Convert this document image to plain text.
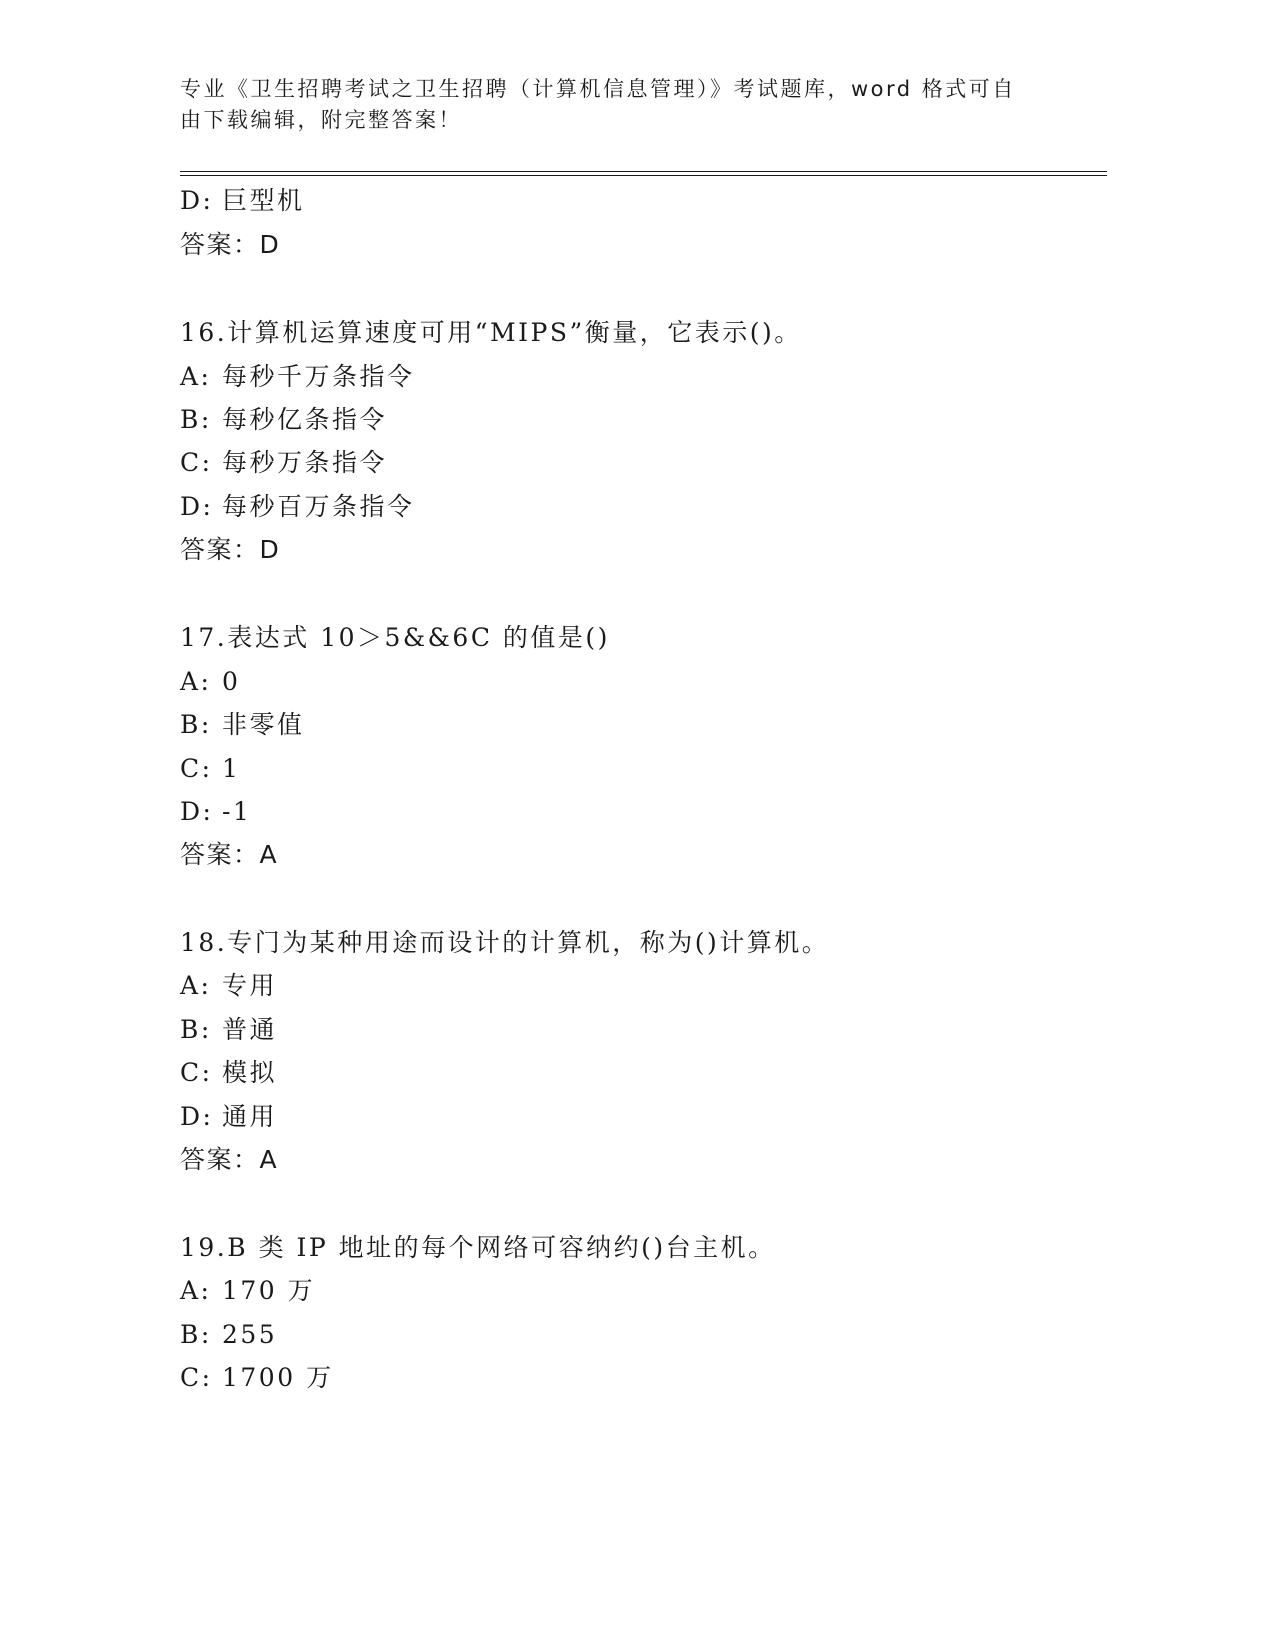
专业《卫生招聘考试之卫生招聘（计算机信息管理）》考试题库，word 格式可自
由下载编辑，附完整答案！
D: 巨型机
答案：D
16.计算机运算速度可用“MIPS”衡量，它表示()。
A: 每秒千万条指令
B: 每秒亿条指令
C: 每秒万条指令
D: 每秒百万条指令
答案：D
17.表达式 10＞5&&6C 的值是()
A: 0
B: 非零值
C: 1
D: -1
答案：A
18.专门为某种用途而设计的计算机，称为()计算机。
A: 专用
B: 普通
C: 模拟
D: 通用
答案：A
19.B 类 IP 地址的每个网络可容纳约()台主机。
A: 170 万
B: 255
C: 1700 万
